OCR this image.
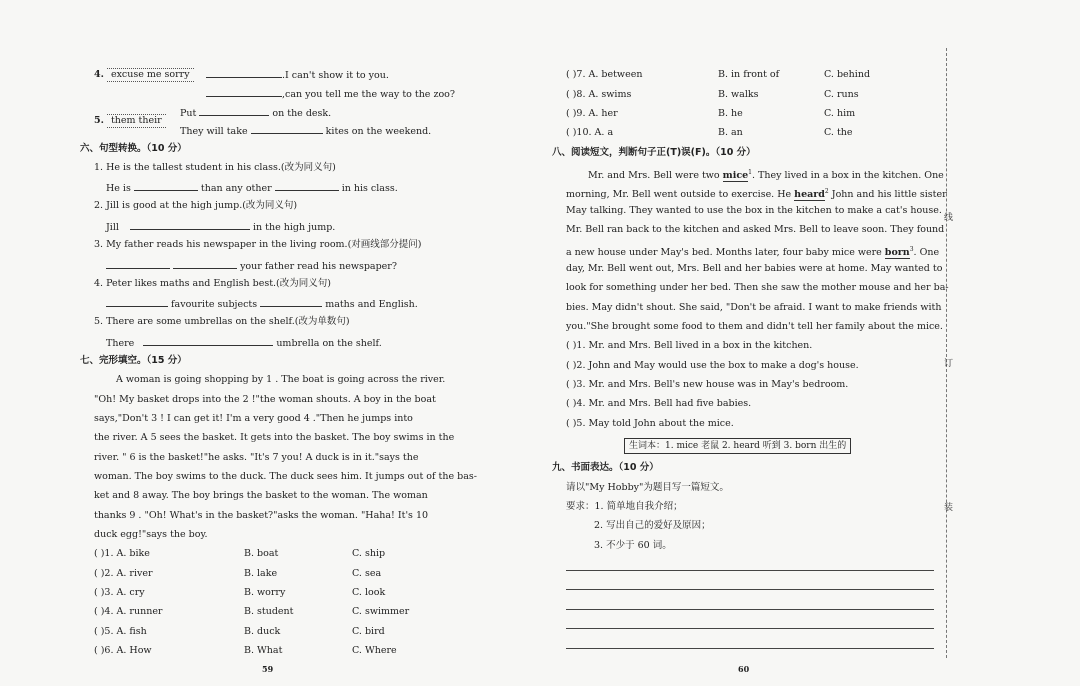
4. excuse me sorry	.I can't show it to you.
,can you tell me the way to the zoo?
5. them their
Put	on the desk.
They will take	kites on the weekend.
六、句型转换。（10 分）
1. He is the tallest student in his class.(改为同义句)
He is	than any other	in his class.
2. Jill is good at the high jump.(改为同义句)
Jill	in the high jump.
3. My father reads his newspaper in the living room.(对画线部分提问)
your father read his newspaper?
4. Peter likes maths and English best.(改为同义句)
favourite subjects	maths and English.
5. There are some umbrellas on the shelf.(改为单数句)
There	umbrella on the shelf.
七、完形填空。（15 分）
A woman is going shopping by 1 . The boat is going across the river.
"Oh! My basket drops into the 2 !"the woman shouts. A boy in the boat
says,"Don't 3 ! I can get it! I'm a very good 4 ."Then he jumps into
the river. A 5 sees the basket. It gets into the basket. The boy swims in the
river. " 6 is the basket!"he asks. "It's 7 you! A duck is in it."says the
woman. The boy swims to the duck. The duck sees him. It jumps out of the bas-
ket and 8 away. The boy brings the basket to the woman. The woman
thanks 9 . "Oh! What's in the basket?"asks the woman. "Haha! It's 10
duck egg!"says the boy.
( )1. A. bike	B. boat	C. ship
( )2. A. river	B. lake	C. sea
( )3. A. cry	B. worry	C. look
( )4. A. runner	B. student	C. swimmer
( )5. A. fish	B. duck	C. bird
( )6. A. How	B. What	C. Where
59
( )7. A. between	B. in front of	C. behind
( )8. A. swims	B. walks	C. runs
( )9. A. her	B. he	C. him
( )10. A. a	B. an	C. the
八、阅读短文，判断句子正(T)误(F)。（10 分）
Mr. and Mrs. Bell were two mice$^1$. They lived in a box in the kitchen. One
morning, Mr. Bell went outside to exercise. He heard$^2$ John and his little sister
May talking. They wanted to use the box in the kitchen to make a cat's house.
Mr. Bell ran back to the kitchen and asked Mrs. Bell to leave soon. They found
a new house under May's bed. Months later, four baby mice were born$^3$. One
day, Mr. Bell went out, Mrs. Bell and her babies were at home. May wanted to
look for something under her bed. Then she saw the mother mouse and her ba-
bies. May didn't shout. She said, "Don't be afraid. I want to make friends with
you."She brought some food to them and didn't tell her family about the mice.
( )1. Mr. and Mrs. Bell lived in a box in the kitchen.
( )2. John and May would use the box to make a dog's house.
( )3. Mr. and Mrs. Bell's new house was in May's bedroom.
( )4. Mr. and Mrs. Bell had five babies.
( )5. May told John about the mice.
生词本：1. mice 老鼠 2. heard 听到 3. born 出生的
九、书面表达。（10 分）
请以"My Hobby"为题目写一篇短文。
要求：1. 简单地自我介绍；
2. 写出自己的爱好及原因；
3. 不少于 60 词。
60
线
订
装
